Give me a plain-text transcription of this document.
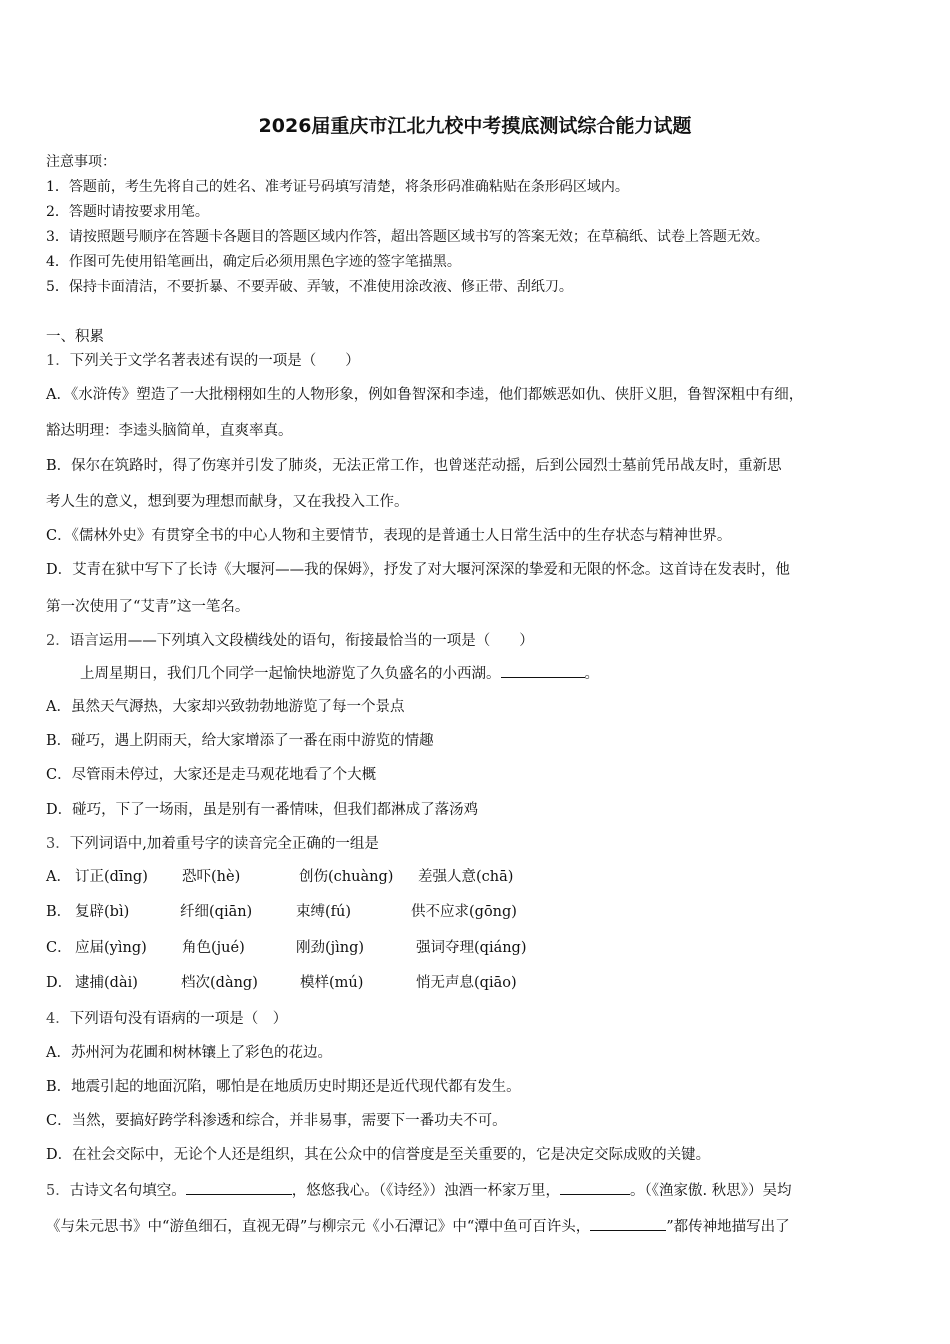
2026届重庆市江北九校中考摸底测试综合能力试题
注意事项：
1．答题前，考生先将自己的姓名、准考证号码填写清楚，将条形码准确粘贴在条形码区域内。
2．答题时请按要求用笔。
3．请按照题号顺序在答题卡各题目的答题区域内作答，超出答题区域书写的答案无效；在草稿纸、试卷上答题无效。
4．作图可先使用铅笔画出，确定后必须用黑色字迹的签字笔描黑。
5．保持卡面清洁，不要折暴、不要弄破、弄皱，不准使用涂改液、修正带、刮纸刀。
一、积累
1．下列关于文学名著表述有误的一项是（　　）
A．《水浒传》塑造了一大批栩栩如生的人物形象，例如鲁智深和李逵，他们都嫉恶如仇、侠肝义胆，鲁智深粗中有细，
豁达明理：李逵头脑简单，直爽率真。
B．保尔在筑路时，得了伤寒并引发了肺炎，无法正常工作，也曾迷茫动摇，后到公园烈士墓前凭吊战友时，重新思
考人生的意义，想到要为理想而献身，又在我投入工作。
C．《儒林外史》有贯穿全书的中心人物和主要情节，表现的是普通士人日常生活中的生存状态与精神世界。
D．艾青在狱中写下了长诗《大堰河——我的保姆》，抒发了对大堰河深深的挚爱和无限的怀念。这首诗在发表时，他
第一次使用了“艾青”这一笔名。
2．语言运用——下列填入文段横线处的语句，衔接最恰当的一项是（　　）
上周星期日，我们几个同学一起愉快地游览了久负盛名的小西湖。	。
A．虽然天气溽热，大家却兴致勃勃地游览了每一个景点
B．碰巧，遇上阴雨天，给大家增添了一番在雨中游览的情趣
C．尽管雨未停过，大家还是走马观花地看了个大概
D．碰巧，下了一场雨，虽是别有一番情味，但我们都淋成了落汤鸡
3．下列词语中,加着重号字的读音完全正确的一组是
A． 订正(dīng) 恐吓(hè)	创伤(chuàng) 差强人意(chā)
B． 复辟(bì)	纤细(qiān)	束缚(fú)	供不应求(gōng)
C． 应届(yìng) 角色(jué)	刚劲(jìng)	强词夺理(qiáng)
D． 逮捕(dài)	档次(dàng)	模样(mú)	悄无声息(qiāo)
4．下列语句没有语病的一项是（　）
A．苏州河为花圃和树林镶上了彩色的花边。
B．地震引起的地面沉陷，哪怕是在地质历史时期还是近代现代都有发生。
C．当然，要搞好跨学科渗透和综合，并非易事，需要下一番功夫不可。
D．在社会交际中，无论个人还是组织，其在公众中的信誉度是至关重要的，它是决定交际成败的关键。
5．古诗文名句填空。	，悠悠我心。（《诗经》）浊酒一杯家万里，	。（《渔家傲. 秋思》）吴均
《与朱元思书》中“游鱼细石，直视无碍”与柳宗元《小石潭记》中“潭中鱼可百许头，	”都传神地描写出了
